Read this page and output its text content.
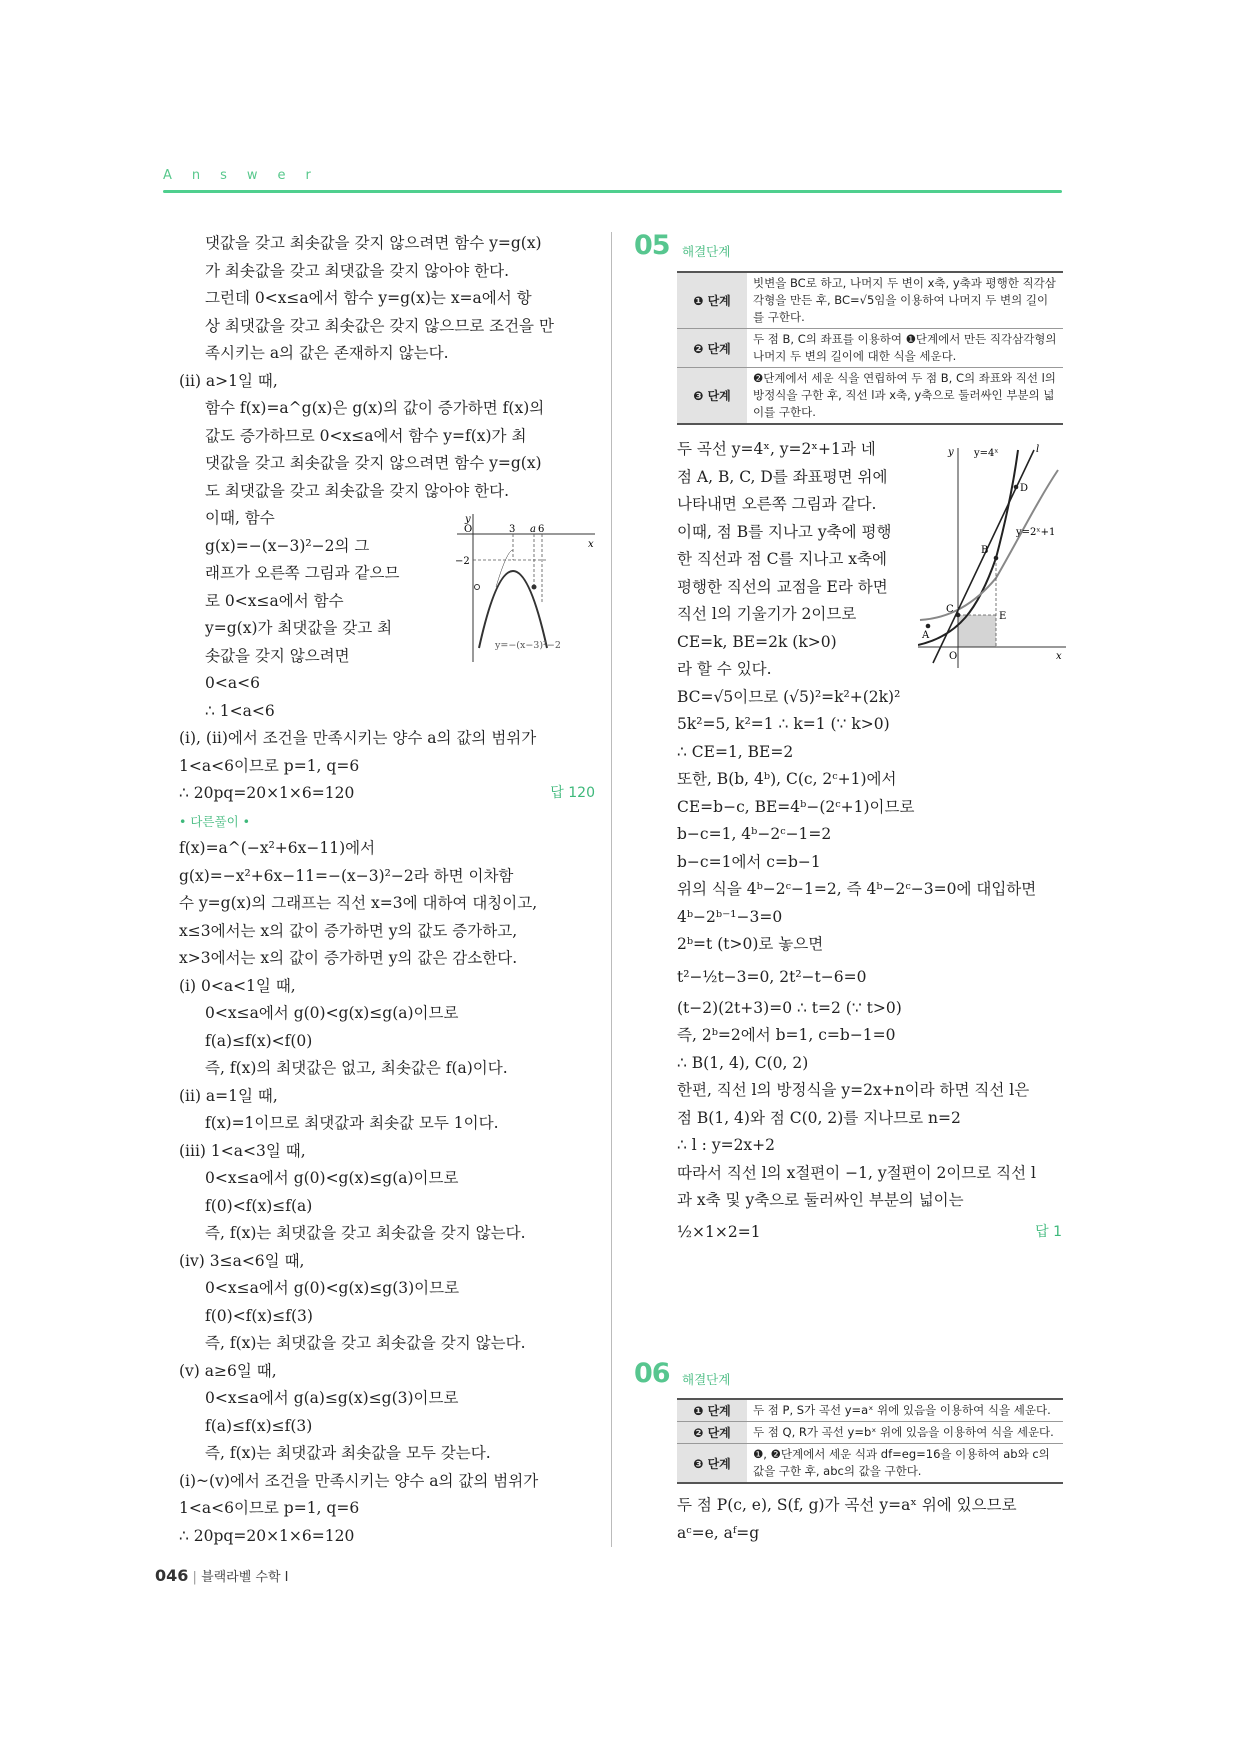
Answer
댓값을 갖고 최솟값을 갖지 않으려면 함수 y=g(x)
가 최솟값을 갖고 최댓값을 갖지 않아야 한다.
그런데 0<x≤a에서 함수 y=g(x)는 x=a에서 항
상 최댓값을 갖고 최솟값은 갖지 않으므로 조건을 만
족시키는 a의 값은 존재하지 않는다.
(ii) a>1일 때,
함수 f(x)=a^g(x)은 g(x)의 값이 증가하면 f(x)의
값도 증가하므로 0<x≤a에서 함수 y=f(x)가 최
댓값을 갖고 최솟값을 갖지 않으려면 함수 y=g(x)
도 최댓값을 갖고 최솟값을 갖지 않아야 한다.
이때, 함수
g(x)=−(x−3)²−2의 그
래프가 오른쪽 그림과 같으므
로 0<x≤a에서 함수
y=g(x)가 최댓값을 갖고 최
솟값을 갖지 않으려면
0<a<6
∴ 1<a<6
(i), (ii)에서 조건을 만족시키는 양수 a의 값의 범위가
1<a<6이므로 p=1, q=6
∴ 20pq=20×1×6=120	답 120
• 다른풀이 •
f(x)=a^(−x²+6x−11)에서
g(x)=−x²+6x−11=−(x−3)²−2라 하면 이차함
수 y=g(x)의 그래프는 직선 x=3에 대하여 대칭이고,
x≤3에서는 x의 값이 증가하면 y의 값도 증가하고,
x>3에서는 x의 값이 증가하면 y의 값은 감소한다.
(i) 0<a<1일 때,
0<x≤a에서 g(0)<g(x)≤g(a)이므로
f(a)≤f(x)<f(0)
즉, f(x)의 최댓값은 없고, 최솟값은 f(a)이다.
(ii) a=1일 때,
f(x)=1이므로 최댓값과 최솟값 모두 1이다.
(iii) 1<a<3일 때,
0<x≤a에서 g(0)<g(x)≤g(a)이므로
f(0)<f(x)≤f(a)
즉, f(x)는 최댓값을 갖고 최솟값을 갖지 않는다.
(iv) 3≤a<6일 때,
0<x≤a에서 g(0)<g(x)≤g(3)이므로
f(0)<f(x)≤f(3)
즉, f(x)는 최댓값을 갖고 최솟값을 갖지 않는다.
(v) a≥6일 때,
0<x≤a에서 g(a)≤g(x)≤g(3)이므로
f(a)≤f(x)≤f(3)
즉, f(x)는 최댓값과 최솟값을 모두 갖는다.
(i)~(v)에서 조건을 만족시키는 양수 a의 값의 범위가
1<a<6이므로 p=1, q=6
∴ 20pq=20×1×6=120
y
O	3 a 6
x
−2
y=−(x−3)²−2
05 해결단계
❶ 단계	빗변을 BC로 하고, 나머지 두 변이 x축, y축과 평행한 직각삼각형을 만든 후, BC=√5임을 이용하여 나머지 두 변의 길이를 구한다.
❷ 단계	두 점 B, C의 좌표를 이용하여 ❶단계에서 만든 직각삼각형의 나머지 두 변의 길이에 대한 식을 세운다.
❸ 단계	❷단계에서 세운 식을 연립하여 두 점 B, C의 좌표와 직선 l의 방정식을 구한 후, 직선 l과 x축, y축으로 둘러싸인 부분의 넓이를 구한다.
두 곡선 y=4ˣ, y=2ˣ+1과 네
점 A, B, C, D를 좌표평면 위에
나타내면 오른쪽 그림과 같다.
이때, 점 B를 지나고 y축에 평행
한 직선과 점 C를 지나고 x축에
평행한 직선의 교점을 E라 하면
직선 l의 기울기가 2이므로
CE=k, BE=2k (k>0)
라 할 수 있다.
BC=√5이므로 (√5)²=k²+(2k)²
5k²=5, k²=1 ∴ k=1 (∵ k>0)
∴ CE=1, BE=2
또한, B(b, 4ᵇ), C(c, 2ᶜ+1)에서
CE=b−c, BE=4ᵇ−(2ᶜ+1)이므로
b−c=1, 4ᵇ−2ᶜ−1=2
b−c=1에서 c=b−1
위의 식을 4ᵇ−2ᶜ−1=2, 즉 4ᵇ−2ᶜ−3=0에 대입하면
4ᵇ−2ᵇ⁻¹−3=0
2ᵇ=t (t>0)로 놓으면
t²−½t−3=0, 2t²−t−6=0
(t−2)(2t+3)=0 ∴ t=2 (∵ t>0)
즉, 2ᵇ=2에서 b=1, c=b−1=0
∴ B(1, 4), C(0, 2)
한편, 직선 l의 방정식을 y=2x+n이라 하면 직선 l은
점 B(1, 4)와 점 C(0, 2)를 지나므로 n=2
∴ l : y=2x+2
따라서 직선 l의 x절편이 −1, y절편이 2이므로 직선 l
과 x축 및 y축으로 둘러싸인 부분의 넓이는
½×1×2=1	답 1
y y=4ˣ	l
D
y=2ˣ+1
B
C
E
A
O	x
06 해결단계
❶ 단계	두 점 P, S가 곡선 y=aˣ 위에 있음을 이용하여 식을 세운다.
❷ 단계	두 점 Q, R가 곡선 y=bˣ 위에 있음을 이용하여 식을 세운다.
❸ 단계	❶, ❷단계에서 세운 식과 df=eg=16을 이용하여 ab와 c의 값을 구한 후, abc의 값을 구한다.
두 점 P(c, e), S(f, g)가 곡선 y=aˣ 위에 있으므로
aᶜ=e, aᶠ=g
046 | 블랙라벨 수학 I
